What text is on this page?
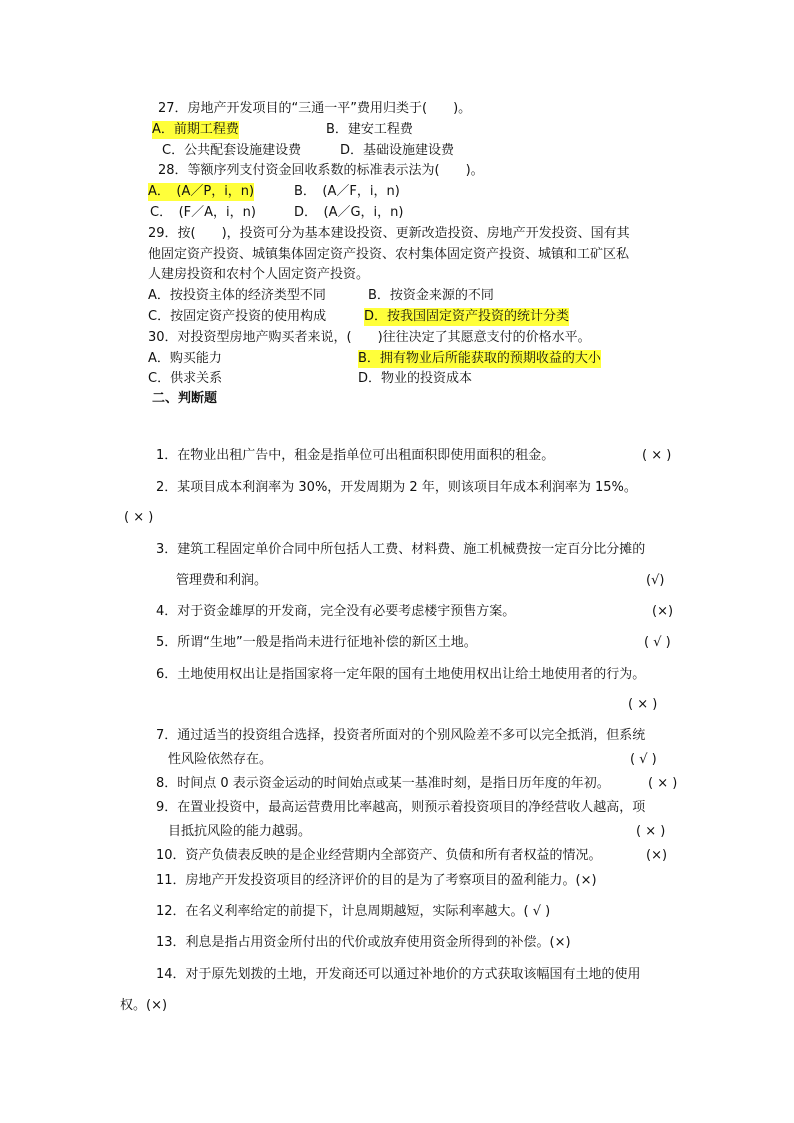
27．房地产开发项目的“三通一平”费用归类于(　　)。
A．前期工程费	B．建安工程费
C．公共配套设施建设费	D．基础设施建设费
28．等额序列支付资金回收系数的标准表示法为(　　)。
A．　(A／P，i，n)	B．　(A／F，i，n)
C．　(F／A，i，n)	D．　(A／G，i，n)
29．按(　　)，投资可分为基本建设投资、更新改造投资、房地产开发投资、国有其
他固定资产投资、城镇集体固定资产投资、农村集体固定资产投资、城镇和工矿区私
人建房投资和农村个人固定资产投资。
A．按投资主体的经济类型不同	B．按资金来源的不同
C．按固定资产投资的使用构成	D．按我国固定资产投资的统计分类
30．对投资型房地产购买者来说，(　　)往往决定了其愿意支付的价格水平。
A．购买能力	B．拥有物业后所能获取的预期收益的大小
C．供求关系	D．物业的投资成本
二、判断题
1．在物业出租广告中，租金是指单位可出租面积即使用面积的租金。	( × )
2．某项目成本利润率为 30%，开发周期为 2 年，则该项目年成本利润率为 15%。
( × )
3．建筑工程固定单价合同中所包括人工费、材料费、施工机械费按一定百分比分摊的
管理费和利润。	(√)
4．对于资金雄厚的开发商，完全没有必要考虑楼宇预售方案。	(×)
5．所谓“生地”一般是指尚未进行征地补偿的新区土地。	( √ )
6．土地使用权出让是指国家将一定年限的国有土地使用权出让给土地使用者的行为。
( × )
7．通过适当的投资组合选择，投资者所面对的个别风险差不多可以完全抵消，但系统
性风险依然存在。	( √ )
8．时间点 0 表示资金运动的时间始点或某一基准时刻，是指日历年度的年初。	( × )
9．在置业投资中，最高运营费用比率越高，则预示着投资项目的净经营收人越高，项
目抵抗风险的能力越弱。	( × )
10．资产负债表反映的是企业经营期内全部资产、负债和所有者权益的情况。	(×)
11．房地产开发投资项目的经济评价的目的是为了考察项目的盈利能力。(×)
12．在名义利率给定的前提下，计息周期越短，实际利率越大。( √ )
13．利息是指占用资金所付出的代价或放弃使用资金所得到的补偿。(×)
14．对于原先划拨的土地，开发商还可以通过补地价的方式获取该幅国有土地的使用
权。(×)
